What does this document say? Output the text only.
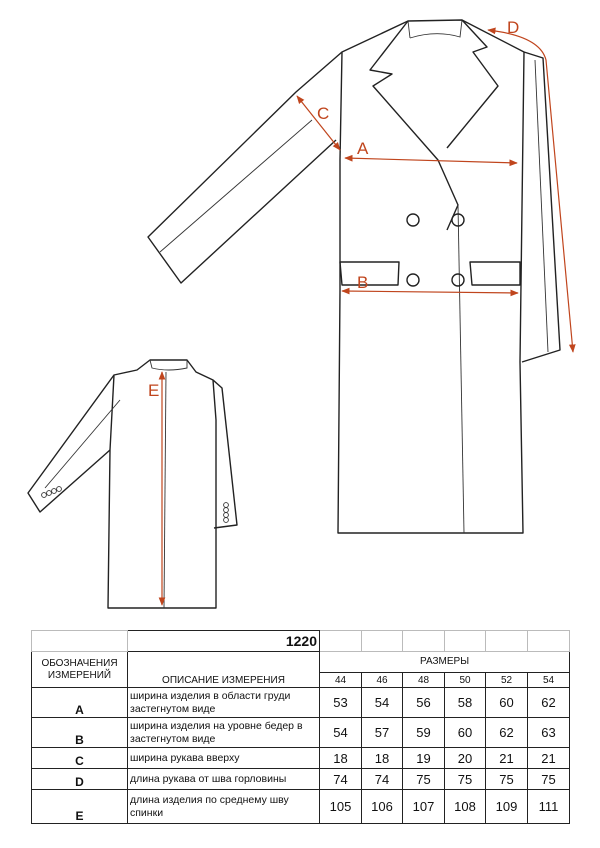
A
B
C
D
E
	1220						
ОБОЗНАЧЕНИЯ ИЗМЕРЕНИЙ	ОПИСАНИЕ ИЗМЕРЕНИЯ	РАЗМЕРЫ					
		44	46	48	50	52	54
A	ширина изделия в области груди застегнутом виде	53	54	56	58	60	62
B	ширина изделия на уровне бедер в застегнутом виде	54	57	59	60	62	63
C	ширина рукава вверху	18	18	19	20	21	21
D	длина рукава от шва горловины	74	74	75	75	75	75
E	длина изделия по среднему шву спинки	105	106	107	108	109	111
